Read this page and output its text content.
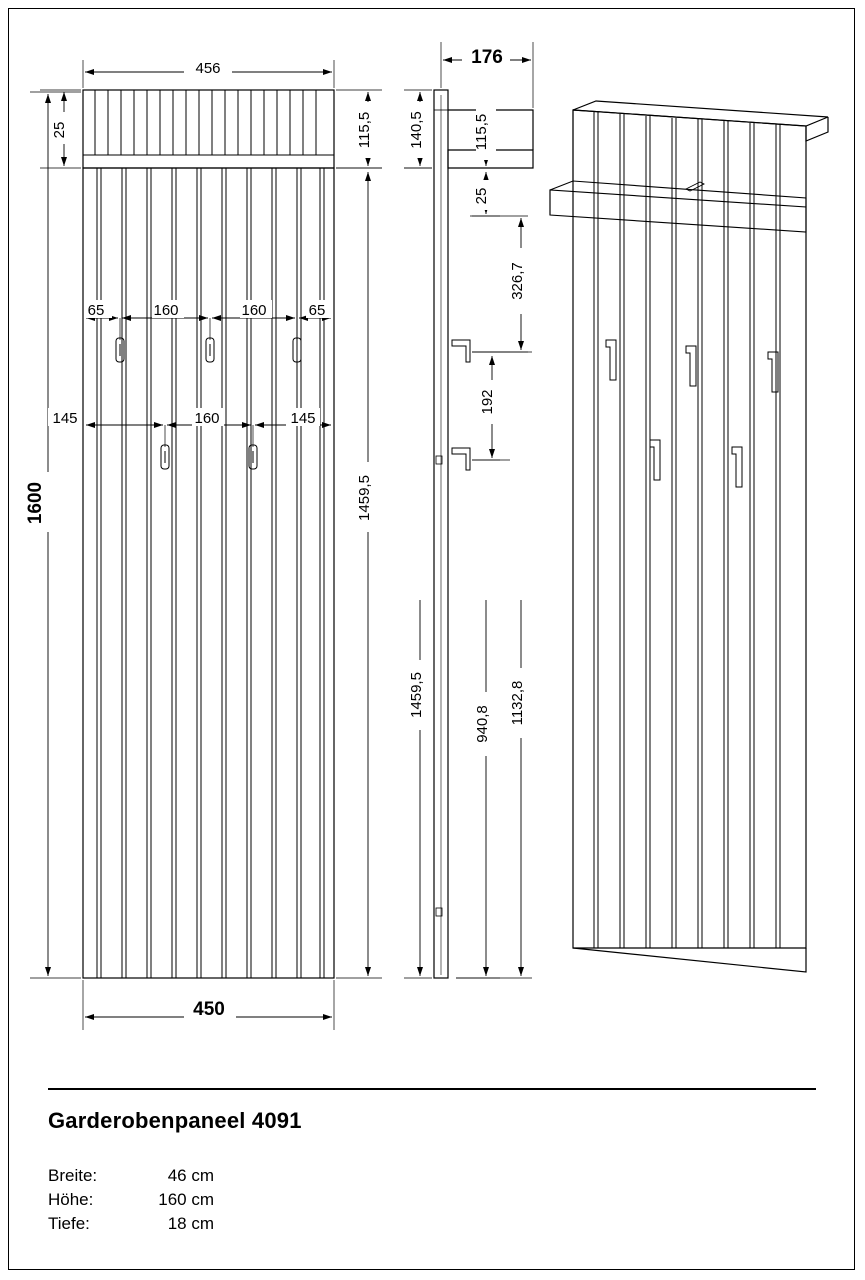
456
25	115,5
1600	1459,5
450
65	160	160	65
145	160	145
176
140,5	115,5
25
326,7
192
1459,5
940,8 1132,8
Garderobenpaneel 4091
Breite:	46 cm
Höhe:	160 cm
Tiefe:	18 cm
